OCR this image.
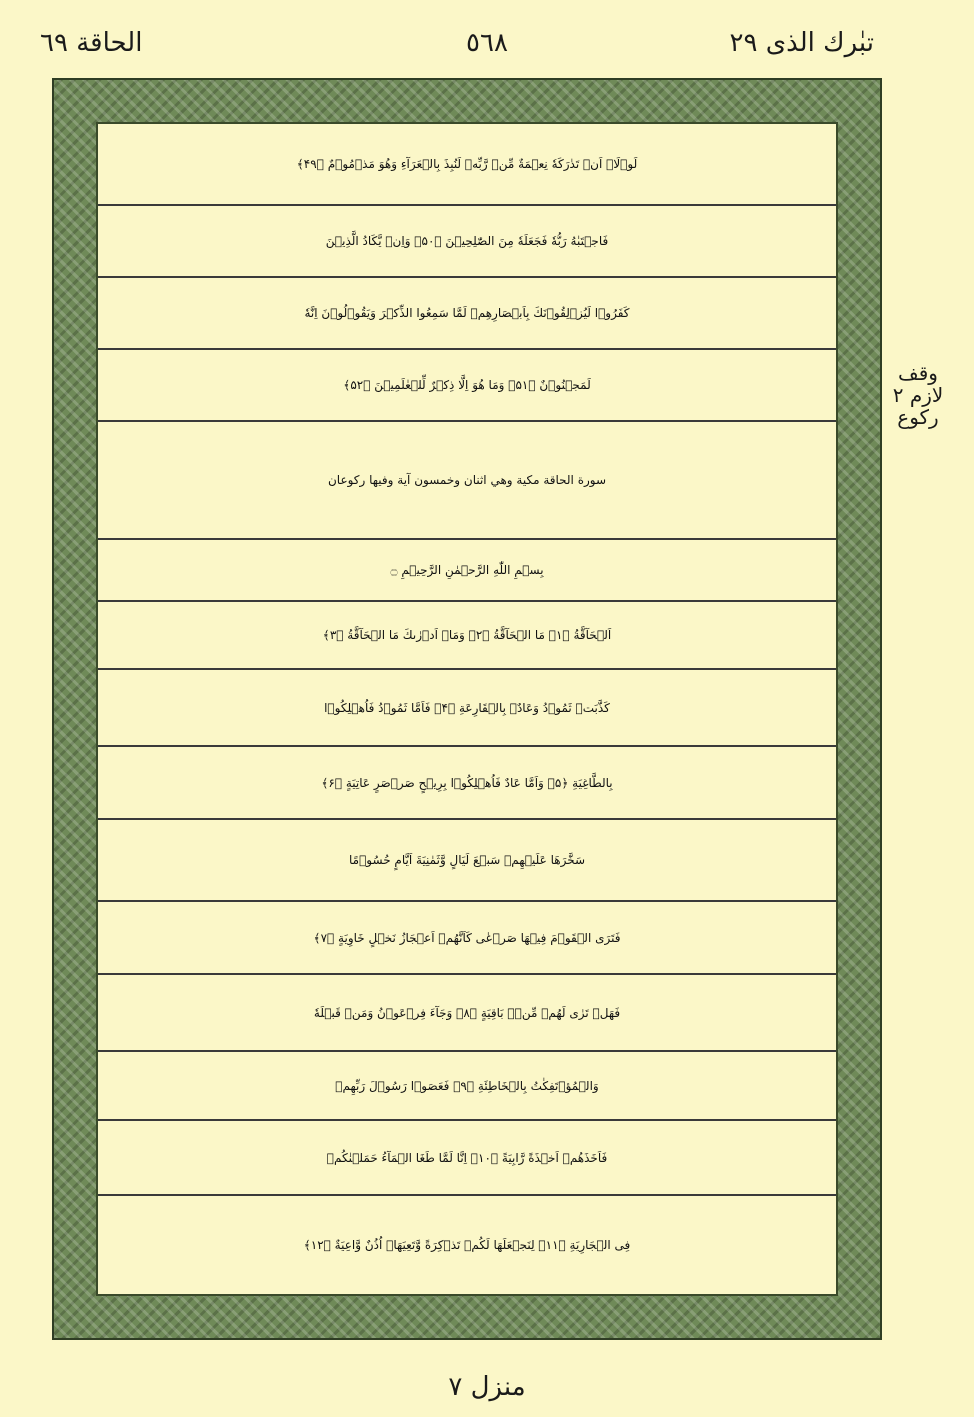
تبٰرك الذى ٢٩
٥٦٨
الحاقة ٦٩
لَوۡلَاۤ اَنۡ تَدٰرَكَهٗ نِعۡمَةٌ مِّنۡ رَّبِّهٖ لَنُبِذَ بِالۡعَرَآءِ وَهُوَ مَذۡمُوۡمٌ ﴿۴۹﴾
فَاجۡتَبٰهُ رَبُّهٗ فَجَعَلَهٗ مِنَ الصّٰلِحِيۡنَ ﴿۵۰﴾ وَاِنۡ يَّكَادُ الَّذِيۡنَ
كَفَرُوۡا لَيُزۡلِقُوۡنَكَ بِاَبۡصَارِهِمۡ لَمَّا سَمِعُوا الذِّكۡرَ وَيَقُوۡلُوۡنَ اِنَّهٗ
لَمَجۡنُوۡنٌ ﴿۵۱﴾ وَمَا هُوَ اِلَّا ذِكۡرٌ لِّلۡعٰلَمِيۡنَ ﴿۵۲﴾
سورة الحاقة مكية وهي اثنان وخمسون آية وفيها ركوعان
بِسۡمِ اللّٰهِ الرَّحۡمٰنِ الرَّحِيۡمِ ۝
اَلۡحَآقَّةُ ﴿۱﴾ مَا الۡحَآقَّةُ ﴿۲﴾ وَمَاۤ اَدۡرٰىكَ مَا الۡحَآقَّةُ ﴿۳﴾
كَذَّبَتۡ ثَمُوۡدُ وَعَادٌۢ بِالۡقَارِعَةِ ﴿۴﴾ فَاَمَّا ثَمُوۡدُ فَاُهۡلِكُوۡا
بِالطَّاغِيَةِ ﴿۵﴾ وَاَمَّا عَادٌ فَاُهۡلِكُوۡا بِرِيۡحٍ صَرۡصَرٍ عَاتِيَةٍ ﴿۶﴾
سَخَّرَهَا عَلَيۡهِمۡ سَبۡعَ لَيَالٍ وَّثَمٰنِيَةَ اَيَّامٍ حُسُوۡمًا
فَتَرَى الۡقَوۡمَ فِيۡهَا صَرۡعٰى كَاَنَّهُمۡ اَعۡجَازُ نَخۡلٍ خَاوِيَةٍ ﴿۷﴾
فَهَلۡ تَرٰى لَهُمۡ مِّنۡۢ بَاقِيَةٍ ﴿۸﴾ وَجَآءَ فِرۡعَوۡنُ وَمَنۡ قَبۡلَهٗ
وَالۡمُؤۡتَفِكٰتُ بِالۡخَاطِئَةِ ﴿۹﴾ فَعَصَوۡا رَسُوۡلَ رَبِّهِمۡ
فَاَخَذَهُمۡ اَخۡذَةً رَّابِيَةً ﴿۱۰﴾ اِنَّا لَمَّا طَغَا الۡمَآءُ حَمَلۡنٰكُمۡ
فِى الۡجَارِيَةِ ﴿۱۱﴾ لِنَجۡعَلَهَا لَكُمۡ تَذۡكِرَةً وَّتَعِيَهَاۤ اُذُنٌ وَّاعِيَةٌ ﴿۱۲﴾
وقف لازم ٢ ركوع
منزل ٧
